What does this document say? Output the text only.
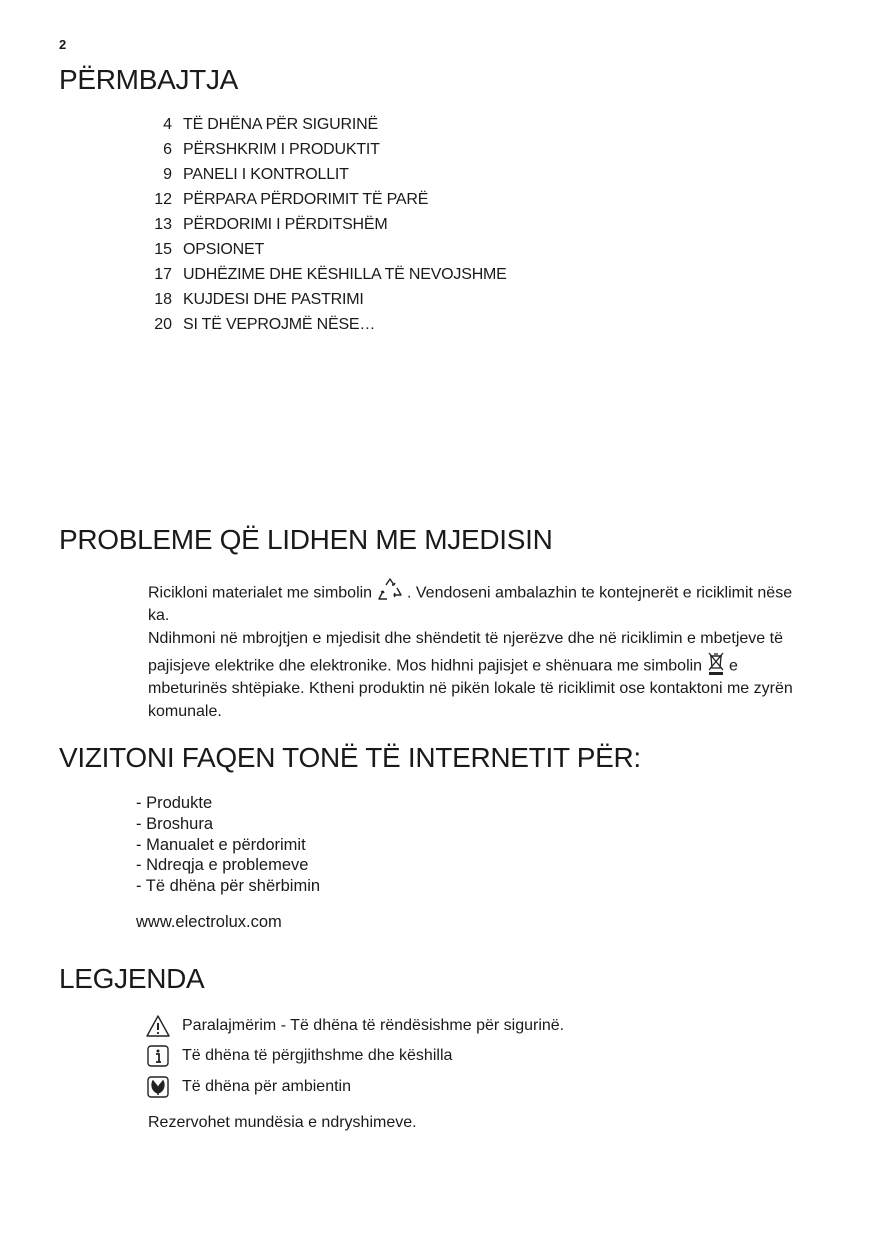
2
PËRMBAJTJA
4 TË DHËNA PËR SIGURINË
6 PËRSHKRIM I PRODUKTIT
9 PANELI I KONTROLLIT
12 PËRPARA PËRDORIMIT TË PARË
13 PËRDORIMI I PËRDITSHËM
15 OPSIONET
17 UDHËZIME DHE KËSHILLA TË NEVOJSHME
18 KUJDESI DHE PASTRIMI
20 SI TË VEPROJMË NËSE…
PROBLEME QË LIDHEN ME MJEDISIN
Ricikloni materialet me simbolin . Vendoseni ambalazhin te kontejnerët e riciklimit nëse
ka.
Ndihmoni në mbrojtjen e mjedisit dhe shëndetit të njerëzve dhe në riciklimin e mbetjeve të
pajisjeve elektrike dhe elektronike. Mos hidhni pajisjet e shënuara me simbolin e
mbeturinës shtëpiake. Ktheni produktin në pikën lokale të riciklimit ose kontaktoni me zyrën
komunale.
VIZITONI FAQEN TONË TË INTERNETIT PËR:
- Produkte
- Broshura
- Manualet e përdorimit
- Ndreqja e problemeve
- Të dhëna për shërbimin
www.electrolux.com
LEGJENDA
Paralajmërim - Të dhëna të rëndësishme për sigurinë.
Të dhëna të përgjithshme dhe këshilla
Të dhëna për ambientin
Rezervohet mundësia e ndryshimeve.
